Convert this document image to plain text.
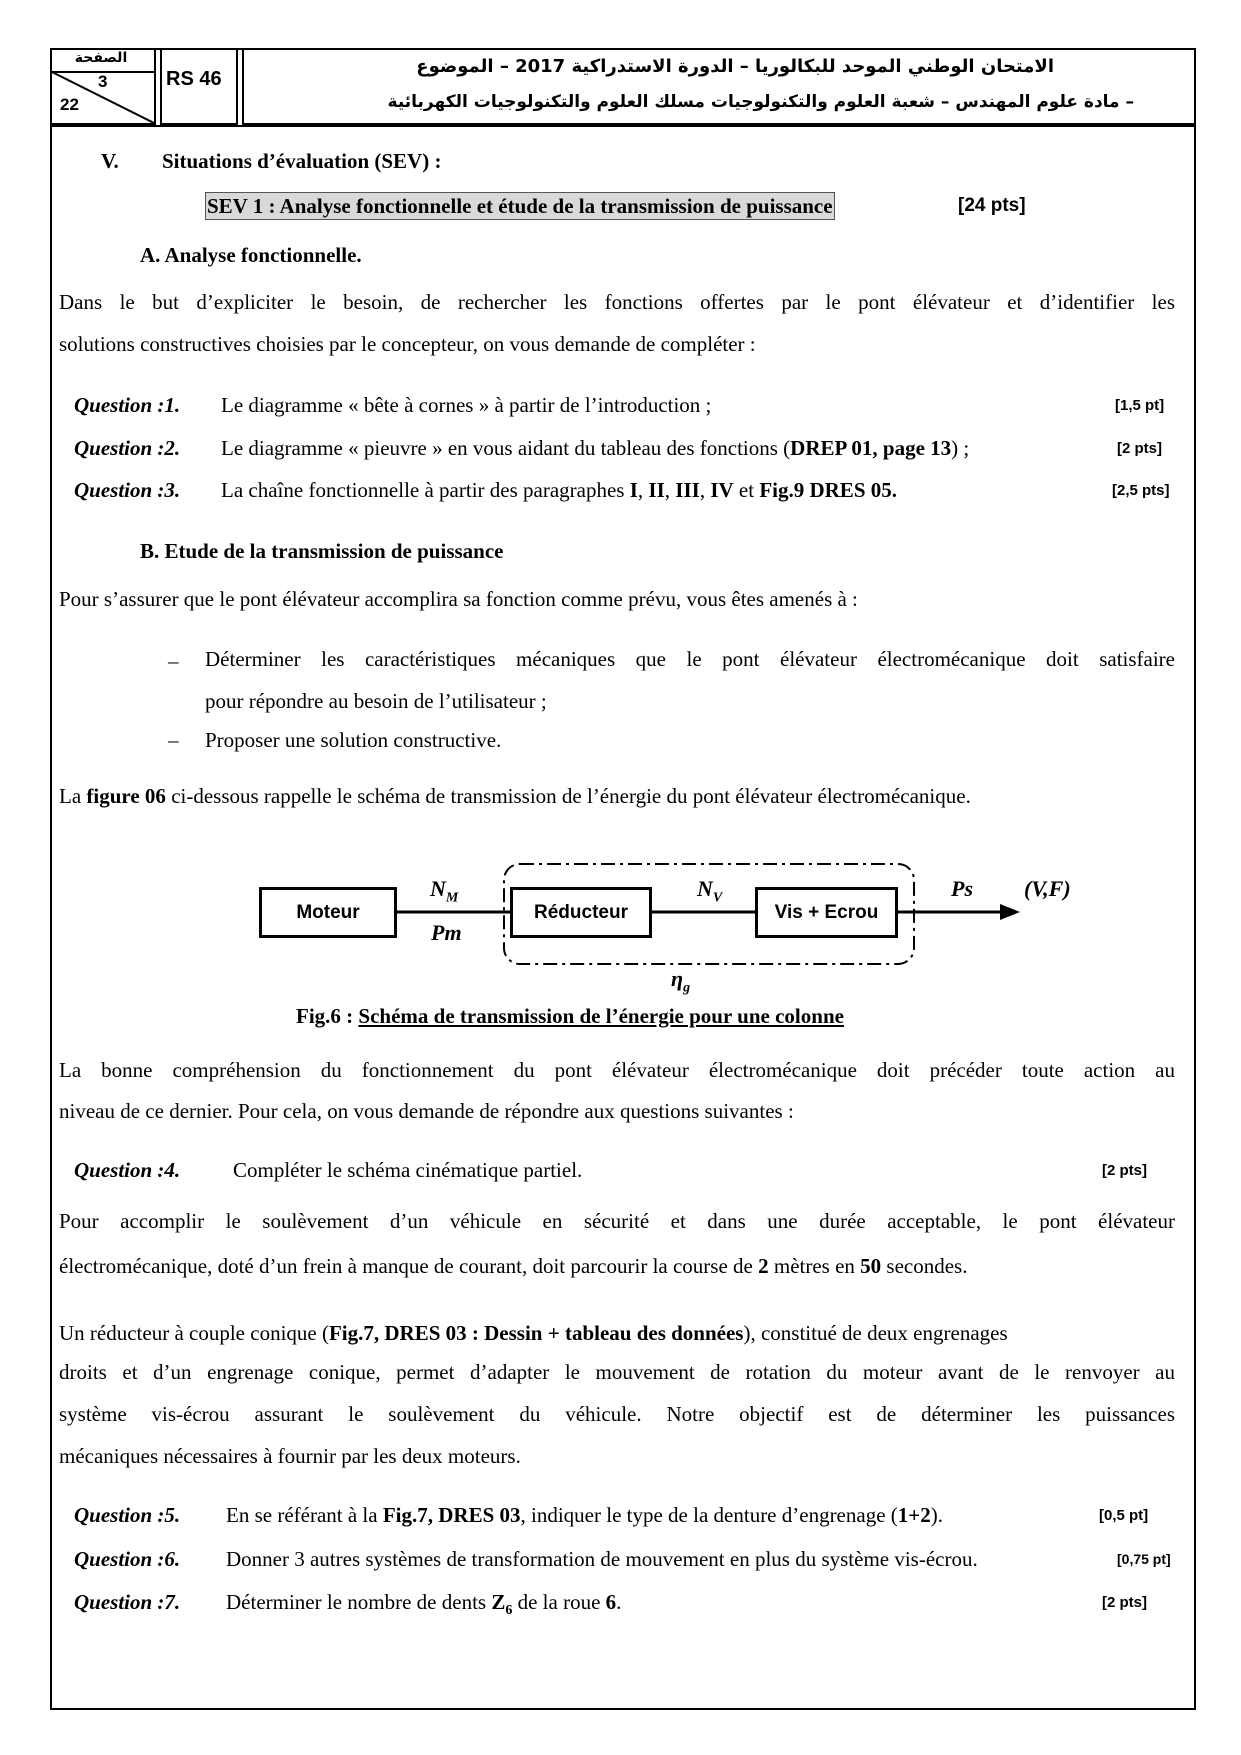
الصفحة
3
22
RS 46
الامتحان الوطني الموحد للبكالوريا – الدورة الاستدراكية 2017 – الموضوع
– مادة علوم المهندس – شعبة العلوم والتكنولوجيات مسلك العلوم والتكنولوجيات الكهربائية
V. Situations d’évaluation (SEV) :
SEV 1 : Analyse fonctionnelle et étude de la transmission de puissance	[24 pts]
A. Analyse fonctionnelle.
Dans le but d’expliciter le besoin, de rechercher les fonctions offertes par le pont élévateur et d’identifier les
solutions constructives choisies par le concepteur, on vous demande de compléter :
Question :1. Le diagramme « bête à cornes » à partir de l’introduction ;	[1,5 pt]
Question :2. Le diagramme « pieuvre » en vous aidant du tableau des fonctions (DREP 01, page 13) ;	[2 pts]
Question :3. La chaîne fonctionnelle à partir des paragraphes I, II, III, IV et Fig.9 DRES 05.	[2,5 pts]
B. Etude de la transmission de puissance
Pour s’assurer que le pont élévateur accomplira sa fonction comme prévu, vous êtes amenés à :
– Déterminer les caractéristiques mécaniques que le pont élévateur électromécanique doit satisfaire
pour répondre au besoin de l’utilisateur ;
– Proposer une solution constructive.
La figure 06 ci-dessous rappelle le schéma de transmission de l’énergie du pont élévateur électromécanique.
Moteur	Réducteur	Vis + Ecrou
$N_M$
Pm
$N_V$	Ps (V,F)
$\eta_g$
Fig.6 : Schéma de transmission de l’énergie pour une colonne
La bonne compréhension du fonctionnement du pont élévateur électromécanique doit précéder toute action au
niveau de ce dernier. Pour cela, on vous demande de répondre aux questions suivantes :
Question :4.	Compléter le schéma cinématique partiel.	[2 pts]
Pour accomplir le soulèvement d’un véhicule en sécurité et dans une durée acceptable, le pont élévateur
électromécanique, doté d’un frein à manque de courant, doit parcourir la course de 2 mètres en 50 secondes.
Un réducteur à couple conique (Fig.7, DRES 03 : Dessin + tableau des données), constitué de deux engrenages
droits et d’un engrenage conique, permet d’adapter le mouvement de rotation du moteur avant de le renvoyer au
système vis-écrou assurant le soulèvement du véhicule. Notre objectif est de déterminer les puissances
mécaniques nécessaires à fournir par les deux moteurs.
Question :5. En se référant à la Fig.7, DRES 03, indiquer le type de la denture d’engrenage (1+2).	[0,5 pt]
Question :6. Donner 3 autres systèmes de transformation de mouvement en plus du système vis-écrou.	[0,75 pt]
Question :7. Déterminer le nombre de dents $Z_6$ de la roue 6.	[2 pts]
